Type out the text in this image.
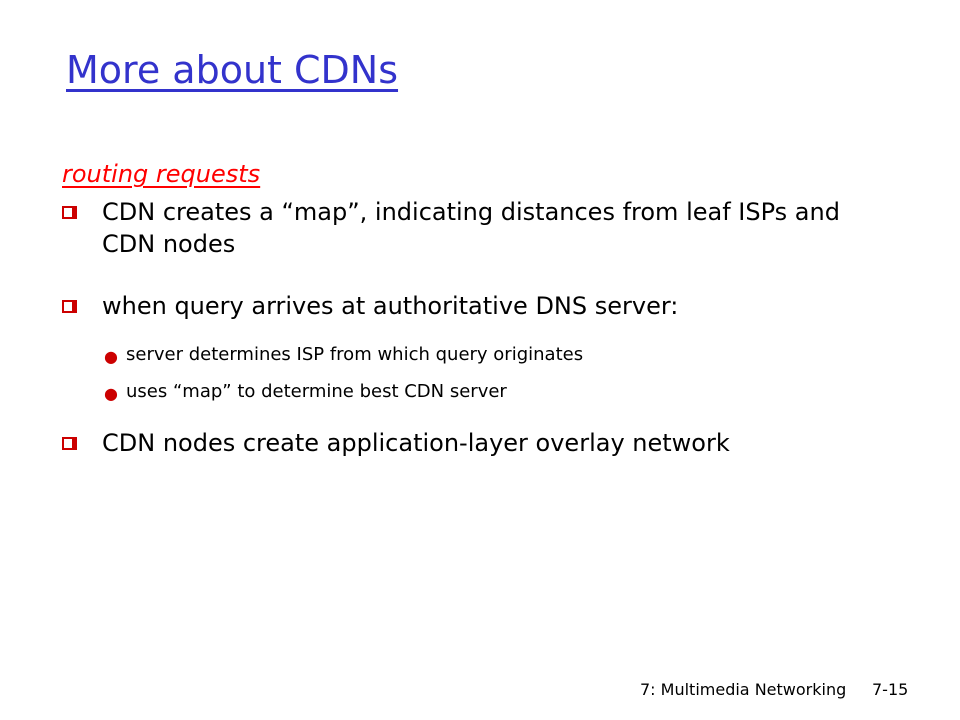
More about CDNs
routing requests
CDN creates a “map”, indicating distances from leaf ISPs and CDN nodes
when query arrives at authoritative DNS server:
● server determines ISP from which query originates
● uses “map” to determine best CDN server
CDN nodes create application-layer overlay network
7: Multimedia Networking 7-15
